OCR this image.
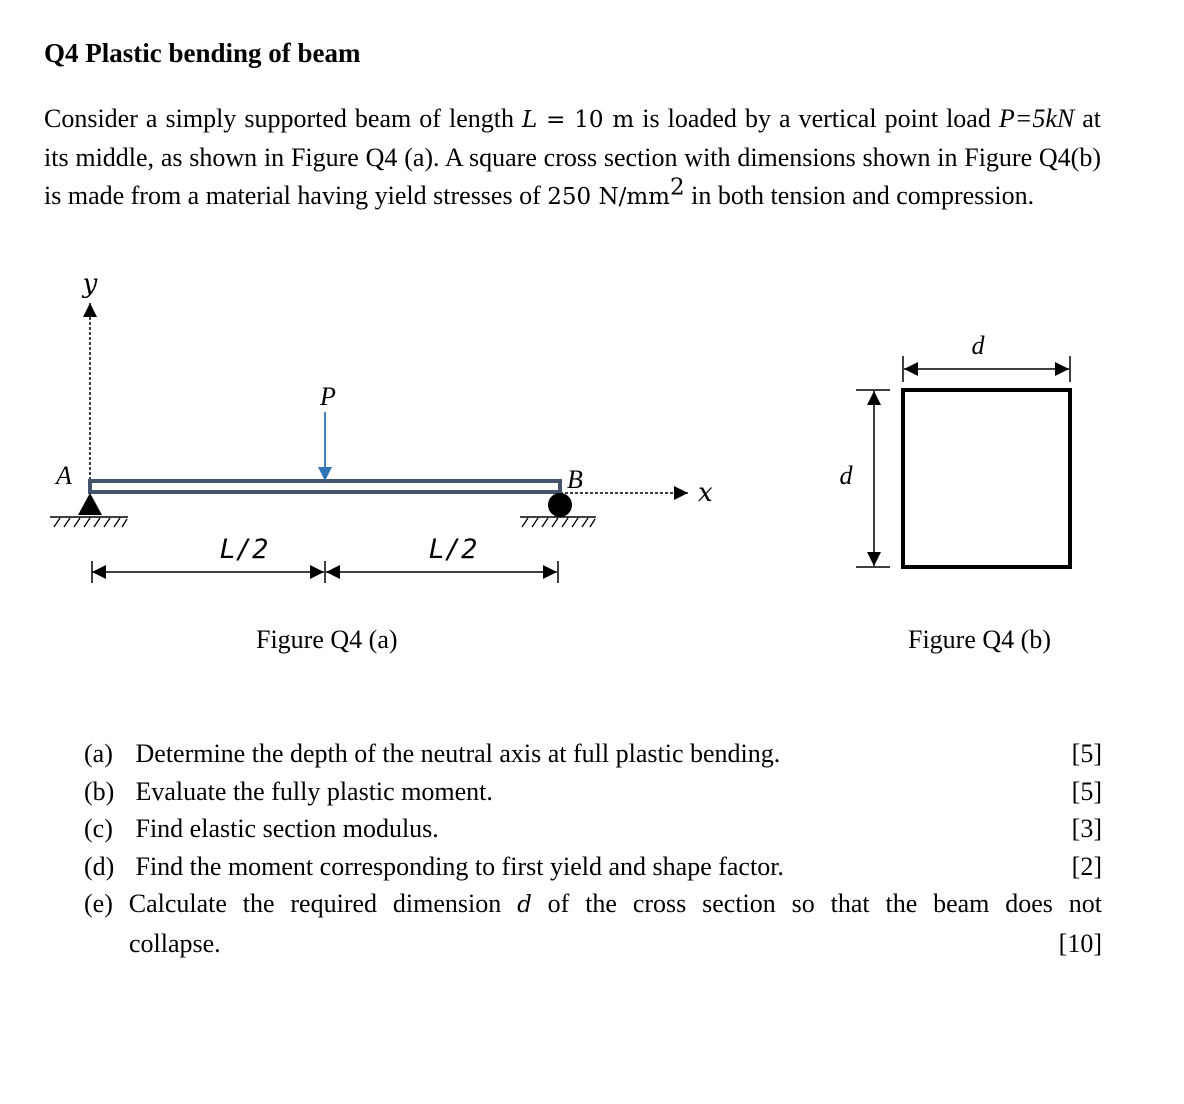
Q4 Plastic bending of beam

Consider a simply supported beam of length L = 10 m is loaded by a vertical point load P=5kN at its middle, as shown in Figure Q4 (a). A square cross section with dimensions shown in Figure Q4(b) is made from a material having yield stresses of 250 $N/mm^2$ in both tension and compression.

y
x
P
A	B
L/2	L/2
d
d

Figure Q4 (a)	Figure Q4 (b)

(a) Determine the depth of the neutral axis at full plastic bending.	[5]
(b) Evaluate the fully plastic moment.	[5]
(c) Find elastic section modulus.	[3]
(d) Find the moment corresponding to first yield and shape factor.	[2]
(e) Calculate the required dimension d of the cross section so that the beam does not
collapse.	[10]
